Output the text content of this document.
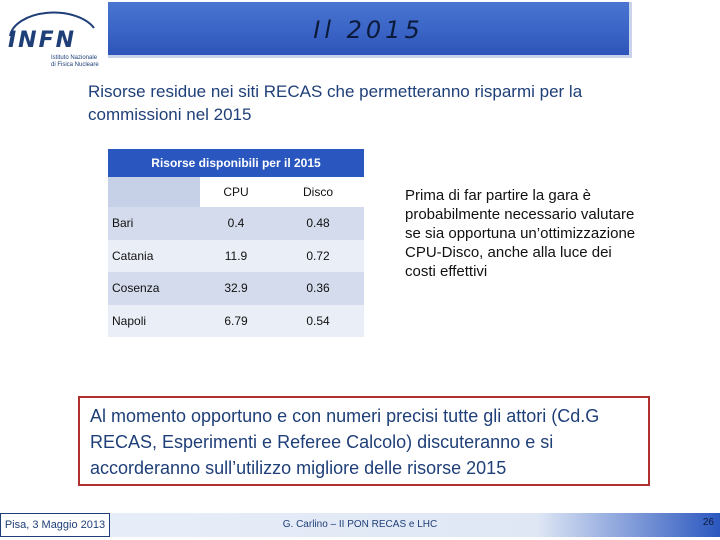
INFN
Istituto Nazionale di Fisica Nucleare
Il 2015
Risorse residue nei siti RECAS che permetteranno risparmi per la commissioni nel 2015
Risorse disponibili per il 2015
	CPU	Disco
Bari	0.4	0.48
Catania	11.9	0.72
Cosenza	32.9	0.36
Napoli	6.79	0.54
Prima di far partire la gara è probabilmente necessario valutare se sia opportuna un’ottimizzazione CPU-Disco, anche alla luce dei costi effettivi
Al momento opportuno e con numeri precisi tutte gli attori (Cd.G RECAS, Esperimenti e Referee Calcolo) discuteranno e si accorderanno sull’utilizzo migliore delle risorse 2015
Pisa, 3 Maggio 2013	G. Carlino – II PON RECAS e LHC	26
